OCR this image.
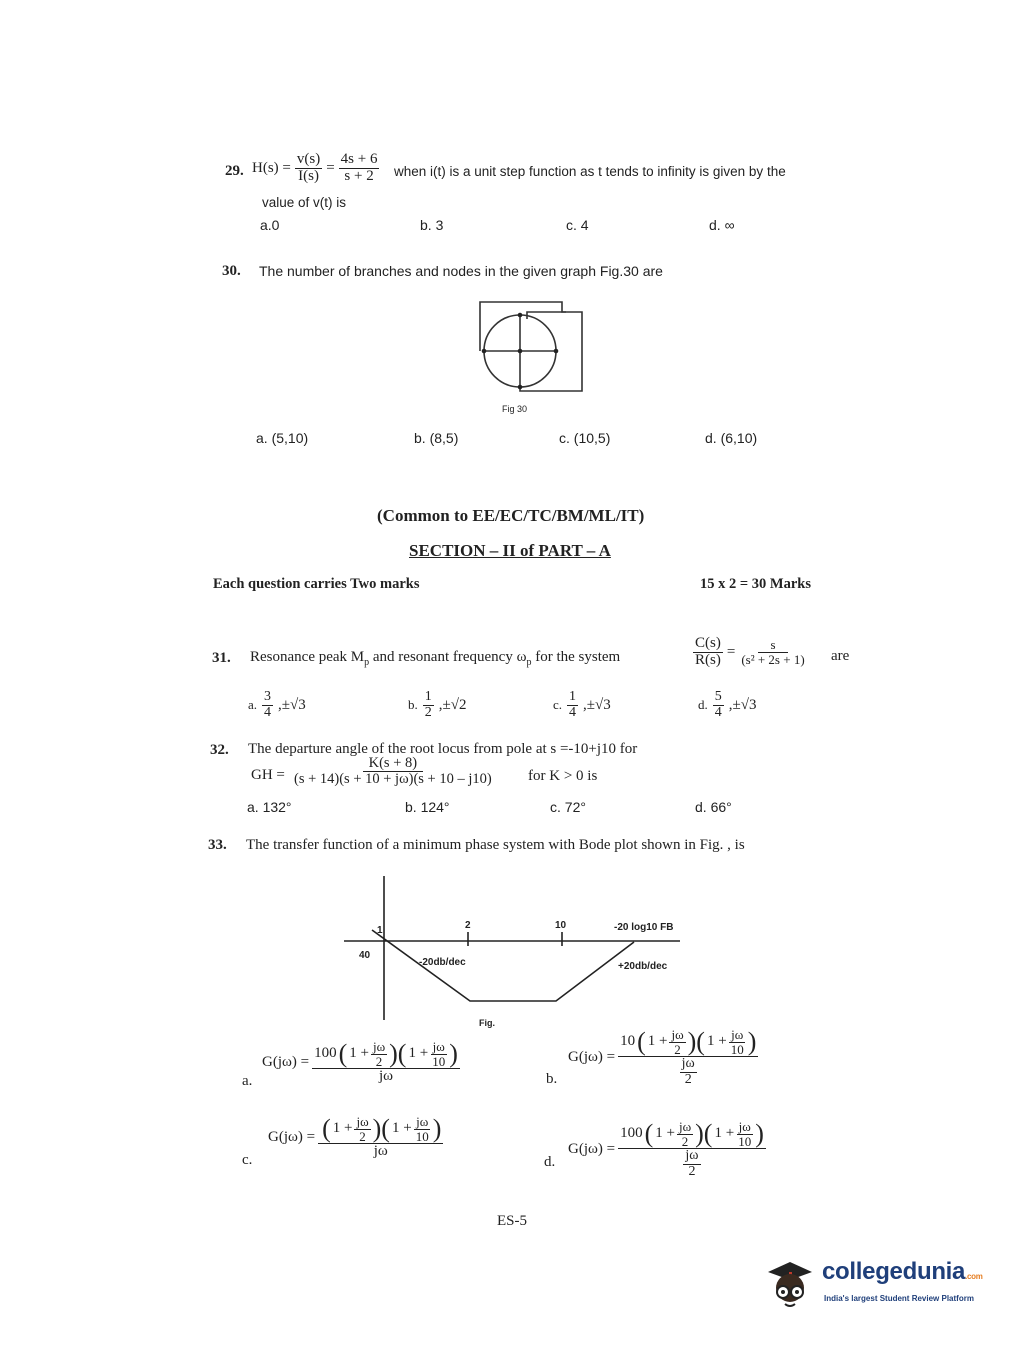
29. $H(s) = \frac{v(s)}{I(s)} = \frac{4s + 6}{s + 2}$ when i(t) is a unit step function as t tends to infinity is given by the
value of v(t) is
a.0	b. 3	c. 4	d. ∞
30. The number of branches and nodes in the given graph Fig.30 are
Fig 30
a. (5,10)	b. (8,5)	c. (10,5)	d. (6,10)
(Common to EE/EC/TC/BM/ML/IT)
SECTION – II of PART – A
Each question carries Two marks	15 x 2 = 30 Marks
31. Resonance peak $M_p$ and resonant frequency $\omega_p$ for the system	$\frac{C(s)}{R(s)} = \frac{s}{\text{(s² + 2s + 1)}}$ are
a. $\frac{3}{4} ,\pm√3$	b. $\frac{1}{2} ,\pm√2$	c. $\frac{1}{4} ,\pm√3$	d. $\frac{5}{4} ,\pm√3$
32. The departure angle of the root locus from pole at s =-10+j10 for
GH = $\frac{K(s + 8)}{(s + 14)(s + 10 + j\omega)(s + 10 - j10)}$ for K > 0 is
a. 132°	b. 124°	c. 72°	d. 66°
33. The transfer function of a minimum phase system with Bode plot shown in Fig. , is
1	2	10	-20 log10 FB
40
-20db/dec	+20db/dec
Fig.
a.
$G(j\omega) = \frac{100 ( 1 + \frac{j\omega}{2} )( 1 + \frac{j\omega}{10} )}{j\omega}$	b.
$G(j\omega) = \frac{10 ( 1 + \frac{j\omega}{2} )( 1 + \frac{j\omega}{10} )}{\frac{j\omega}{2}}$
c.
$G(j\omega) = \frac{( 1 + \frac{j\omega}{2} )( 1 + \frac{j\omega}{10} )}{j\omega}$
d.
$G(j\omega) = \frac{100 ( 1 + \frac{j\omega}{2} )( 1 + \frac{j\omega}{10} )}{\frac{j\omega}{2}}$
ES-5
collegedunia.com
India's largest Student Review Platform
